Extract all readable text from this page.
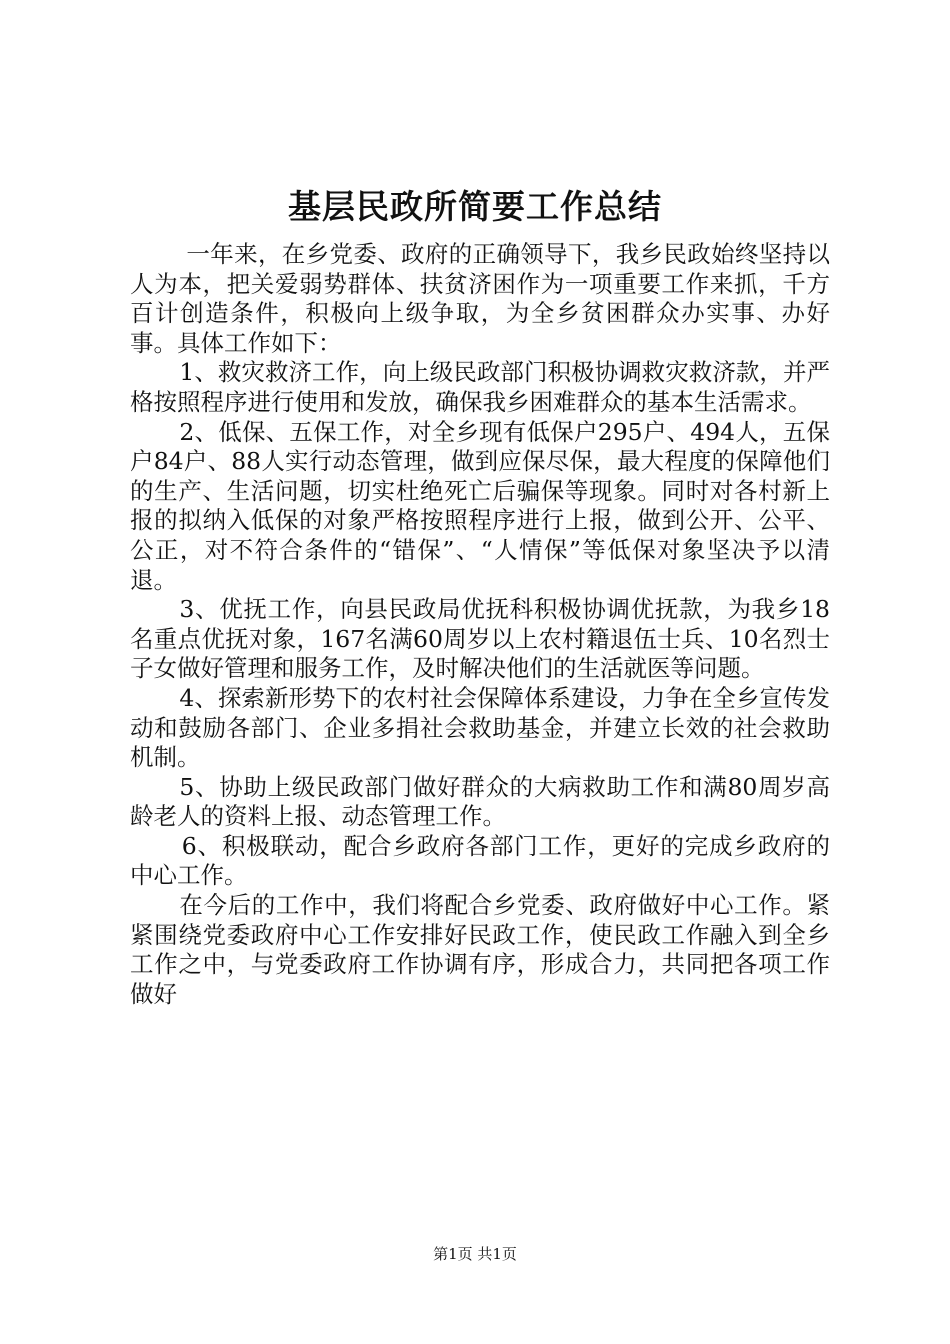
基层民政所简要工作总结

一年来，在乡党委、政府的正确领导下，我乡民政始终坚持以人为本，把关爱弱势群体、扶贫济困作为一项重要工作来抓，千方百计创造条件，积极向上级争取，为全乡贫困群众办实事、办好事。具体工作如下：

1、救灾救济工作，向上级民政部门积极协调救灾救济款，并严格按照程序进行使用和发放，确保我乡困难群众的基本生活需求。

2、低保、五保工作，对全乡现有低保户295户、494人，五保户84户、88人实行动态管理，做到应保尽保，最大程度的保障他们的生产、生活问题，切实杜绝死亡后骗保等现象。同时对各村新上报的拟纳入低保的对象严格按照程序进行上报，做到公开、公平、公正，对不符合条件的“错保”、“人情保”等低保对象坚决予以清退。

3、优抚工作，向县民政局优抚科积极协调优抚款，为我乡18名重点优抚对象，167名满60周岁以上农村籍退伍士兵、10名烈士子女做好管理和服务工作，及时解决他们的生活就医等问题。

4、探索新形势下的农村社会保障体系建设，力争在全乡宣传发动和鼓励各部门、企业多捐社会救助基金，并建立长效的社会救助机制。

5、协助上级民政部门做好群众的大病救助工作和满80周岁高龄老人的资料上报、动态管理工作。

6、积极联动，配合乡政府各部门工作，更好的完成乡政府的中心工作。

在今后的工作中，我们将配合乡党委、政府做好中心工作。紧紧围绕党委政府中心工作安排好民政工作，使民政工作融入到全乡工作之中，与党委政府工作协调有序，形成合力，共同把各项工作做好

第1页 共1页
